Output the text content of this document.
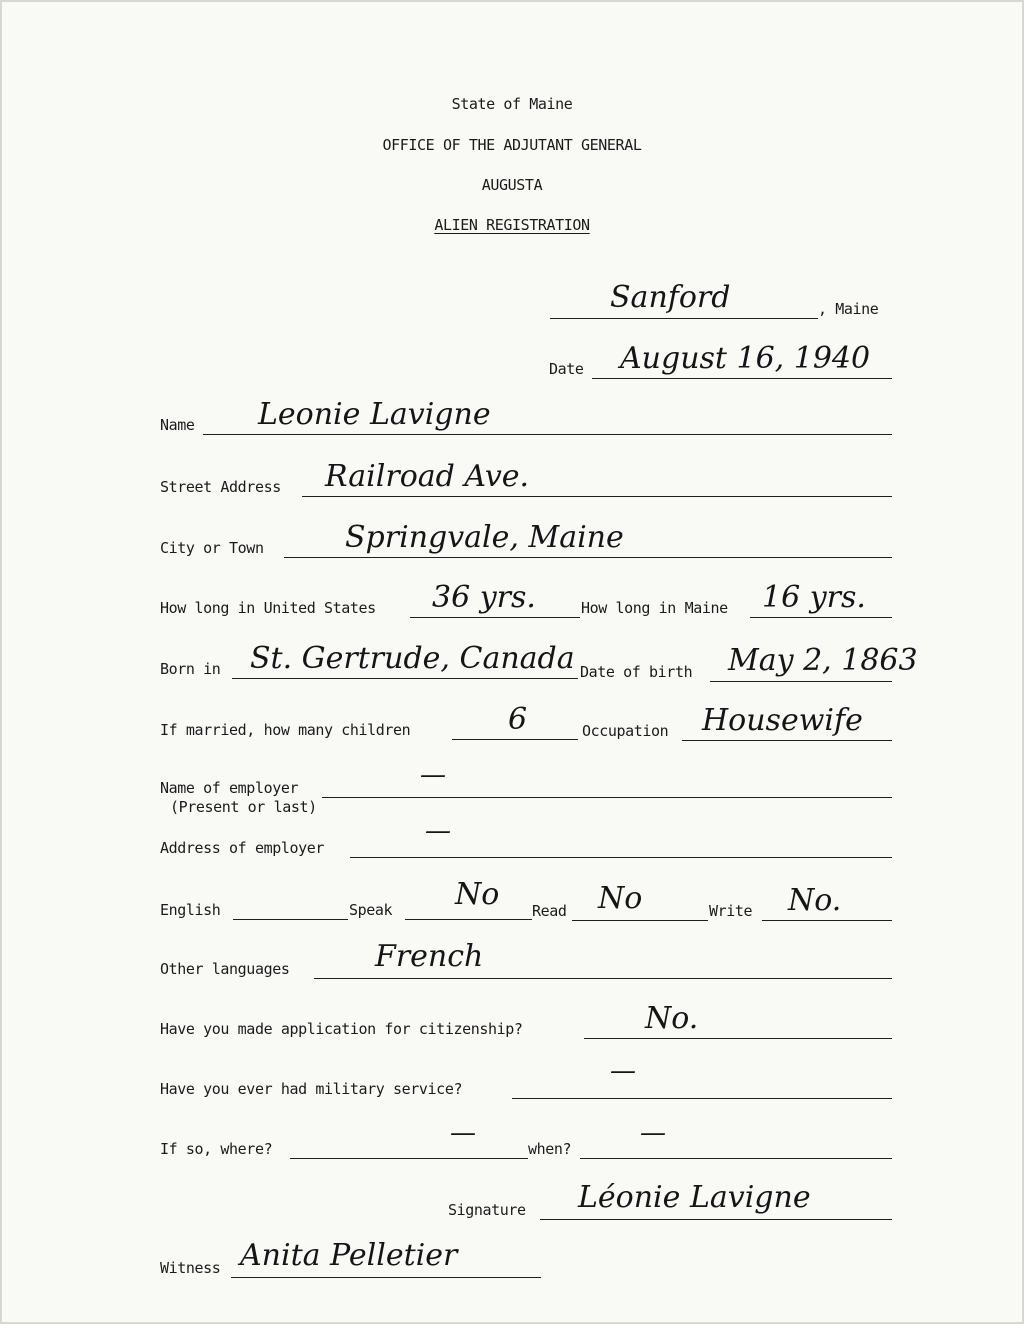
State of Maine
OFFICE OF THE ADJUTANT GENERAL
AUGUSTA
ALIEN REGISTRATION
Sanford	, Maine
Date August 16, 1940
Name Leonie Lavigne
Street Address Railroad Ave.
City or Town	Springvale, Maine
How long in United States 36 yrs.	How long in Maine 16 yrs.
Born in St. Gertrude, Canada Date of birth May 2, 1863
If married, how many children	6	Occupation Housewife
Name of employer
(Present or last)
—
Address of employer
—
English	Speak No Read No	Write No.
Other languages	French
Have you made application for citizenship?	No.
Have you ever had military service?
—
If so, where?
—
when?
—
Signature Léonie Lavigne
Witness Anita Pelletier
